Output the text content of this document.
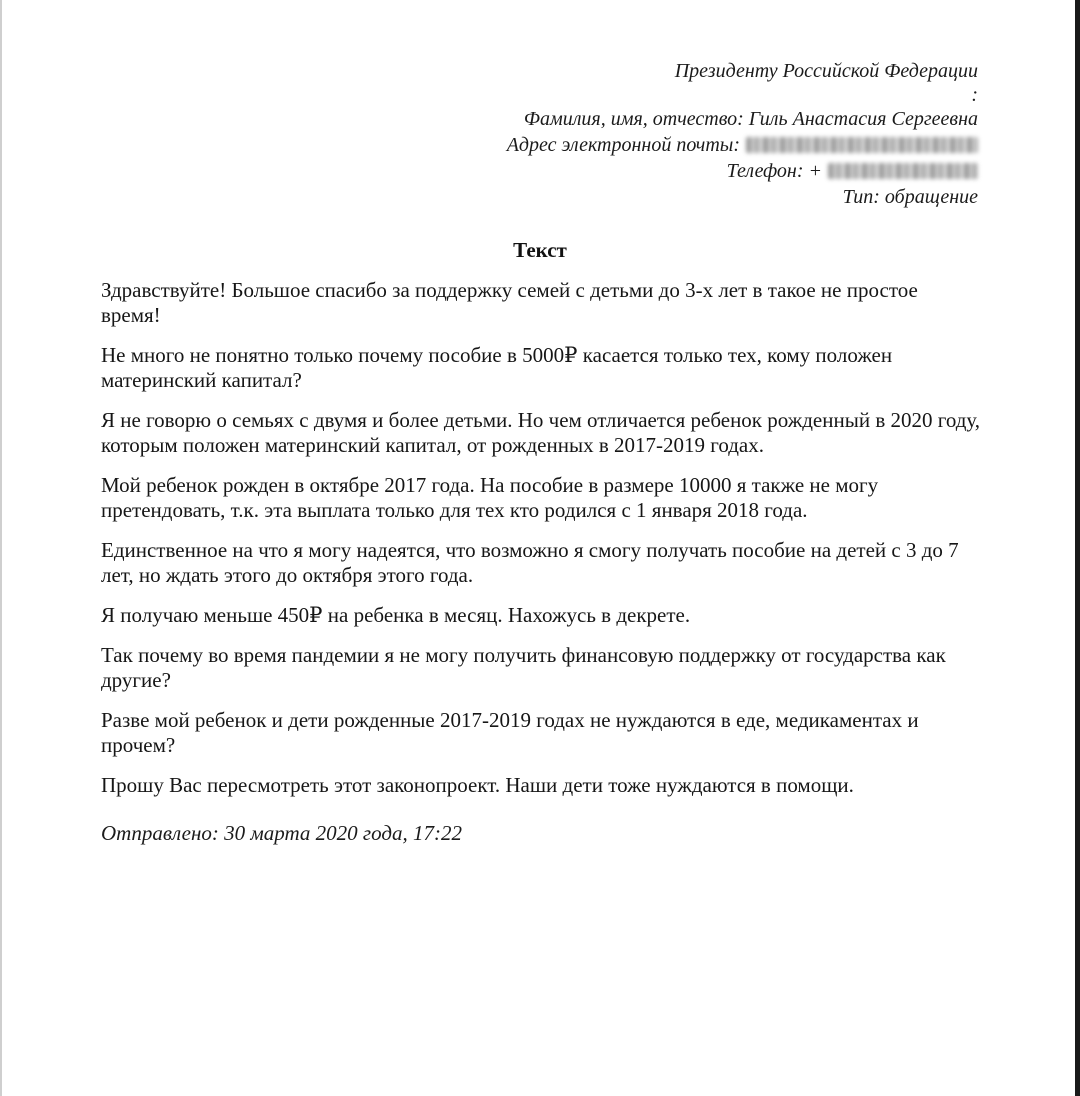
Президенту Российской Федерации
:
Фамилия, имя, отчество: Гиль Анастасия Сергеевна
Адрес электронной почты:
Телефон: +
Тип: обращение
Текст

Здравствуйте! Большое спасибо за поддержку семей с детьми до 3-х лет в такое не простое время!

Не много не понятно только почему пособие в 5000₽ касается только тех, кому положен материнский капитал?

Я не говорю о семьях с двумя и более детьми. Но чем отличается ребенок рожденный в 2020 году, которым положен материнский капитал, от рожденных в 2017-2019 годах.

Мой ребенок рожден в октябре 2017 года. На пособие в размере 10000 я также не могу претендовать, т.к. эта выплата только для тех кто родился с 1 января 2018 года.

Единственное на что я могу надеятся, что возможно я смогу получать пособие на детей с 3 до 7 лет, но ждать этого до октября этого года.

Я получаю меньше 450₽ на ребенка в месяц. Нахожусь в декрете.

Так почему во время пандемии я не могу получить финансовую поддержку от государства как другие?

Разве мой ребенок и дети рожденные 2017-2019 годах не нуждаются в еде, медикаментах и прочем?

Прошу Вас пересмотреть этот законопроект. Наши дети тоже нуждаются в помощи.

Отправлено: 30 марта 2020 года, 17:22
